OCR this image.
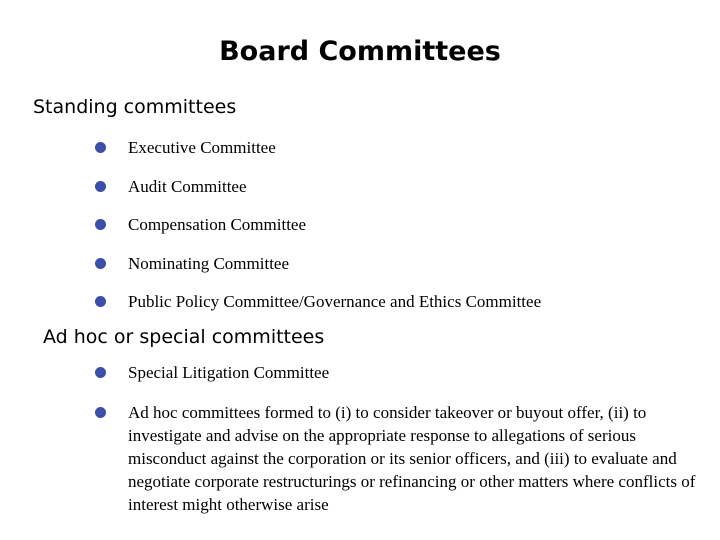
Board Committees
Standing committees
Executive Committee
Audit Committee
Compensation Committee
Nominating Committee
Public Policy Committee/Governance and Ethics Committee
Ad hoc or special committees
Special Litigation Committee
Ad hoc committees formed to (i) to consider takeover or buyout offer, (ii) to investigate and advise on the appropriate response to allegations of serious misconduct against the corporation or its senior officers, and (iii) to evaluate and negotiate corporate restructurings or refinancing or other matters where conflicts of interest might otherwise arise
